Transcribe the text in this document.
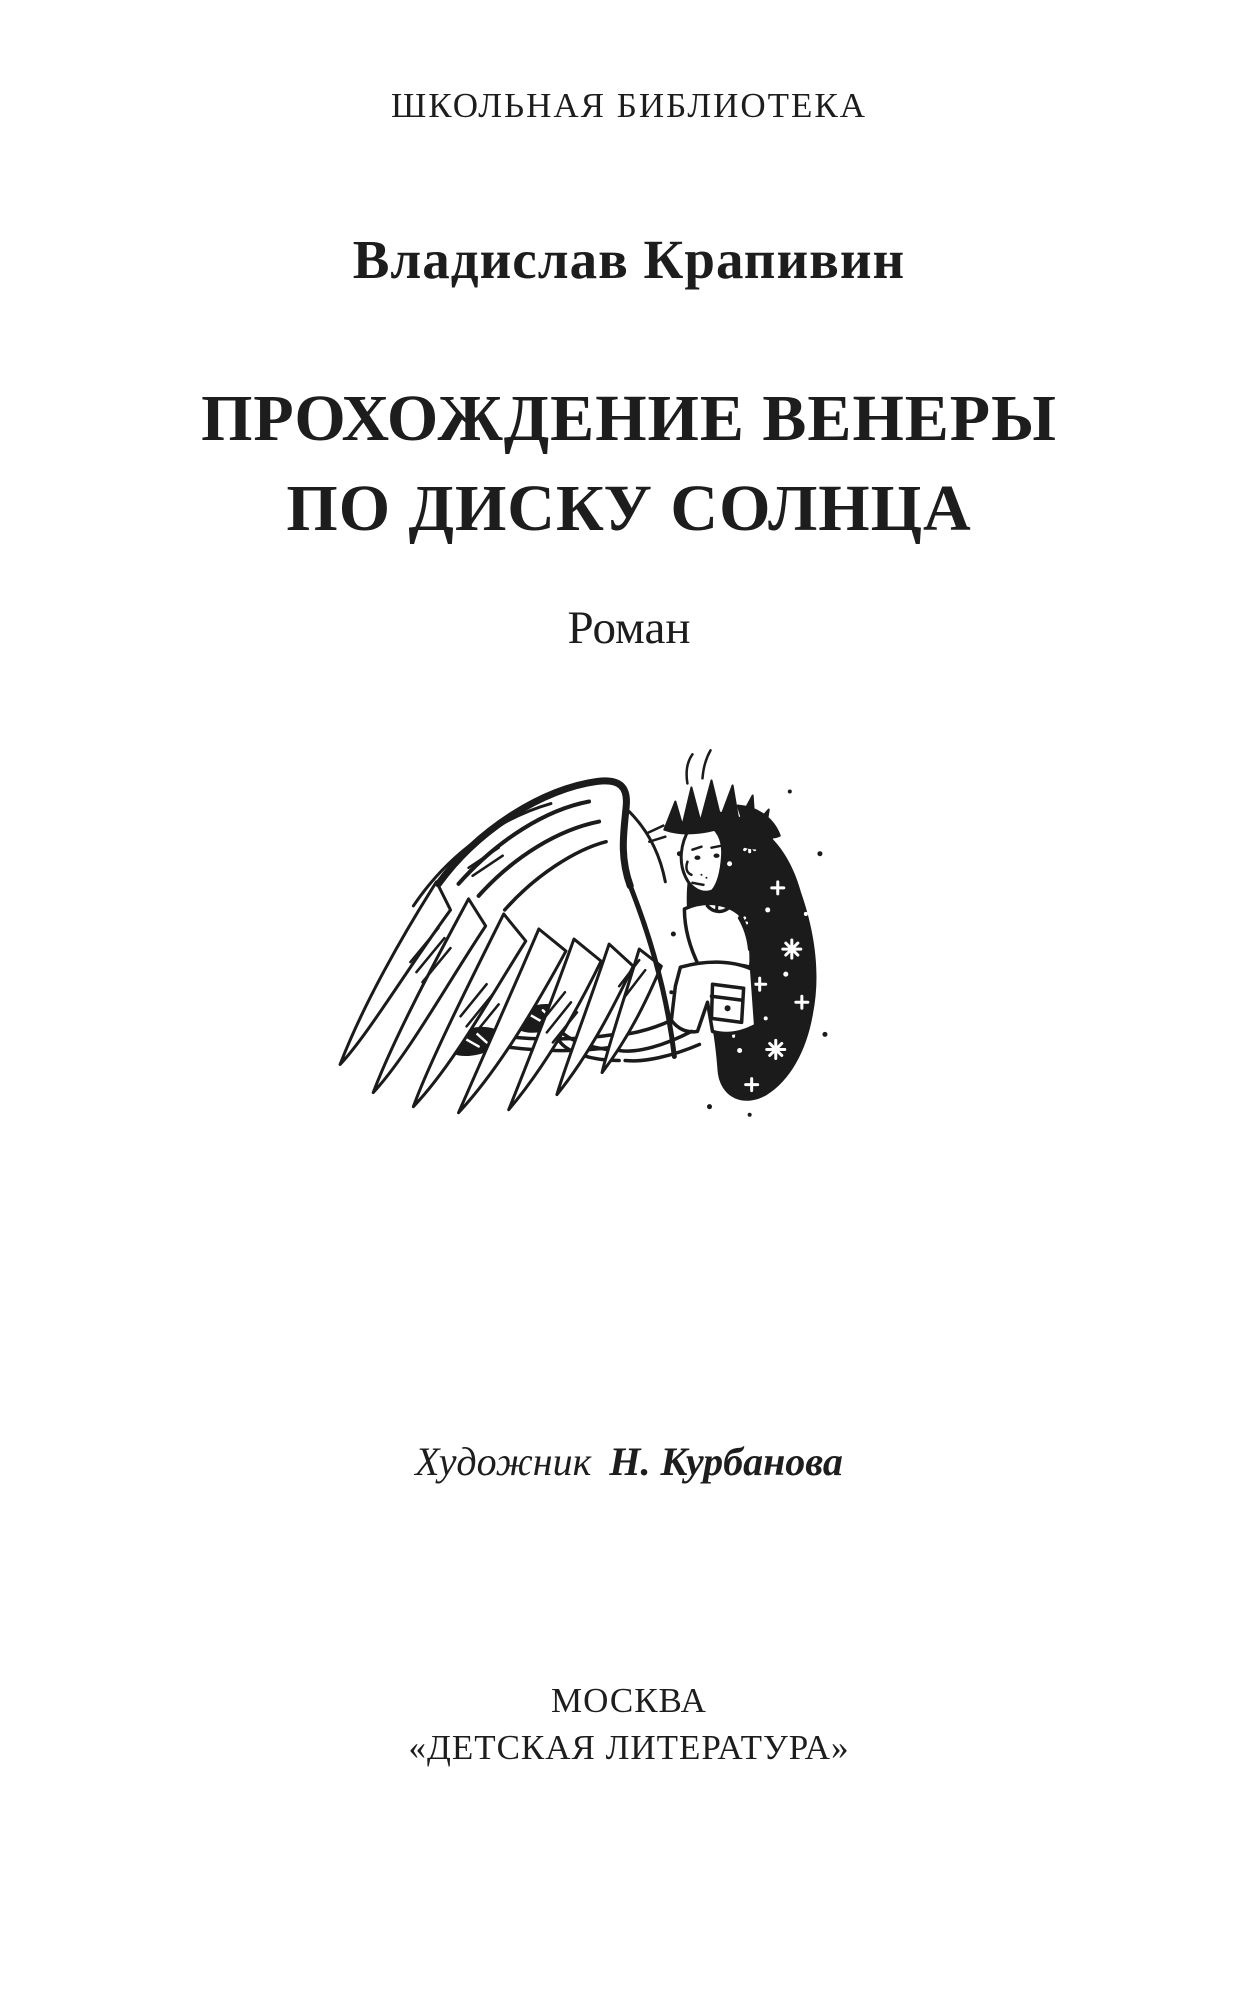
ШКОЛЬНАЯ БИБЛИОТЕКА
Владислав Крапивин
ПРОХОЖДЕНИЕ ВЕНЕРЫ
ПО ДИСКУ СОЛНЦА
Роман
Художник Н. Курбанова
МОСКВА
«ДЕТСКАЯ ЛИТЕРАТУРА»
